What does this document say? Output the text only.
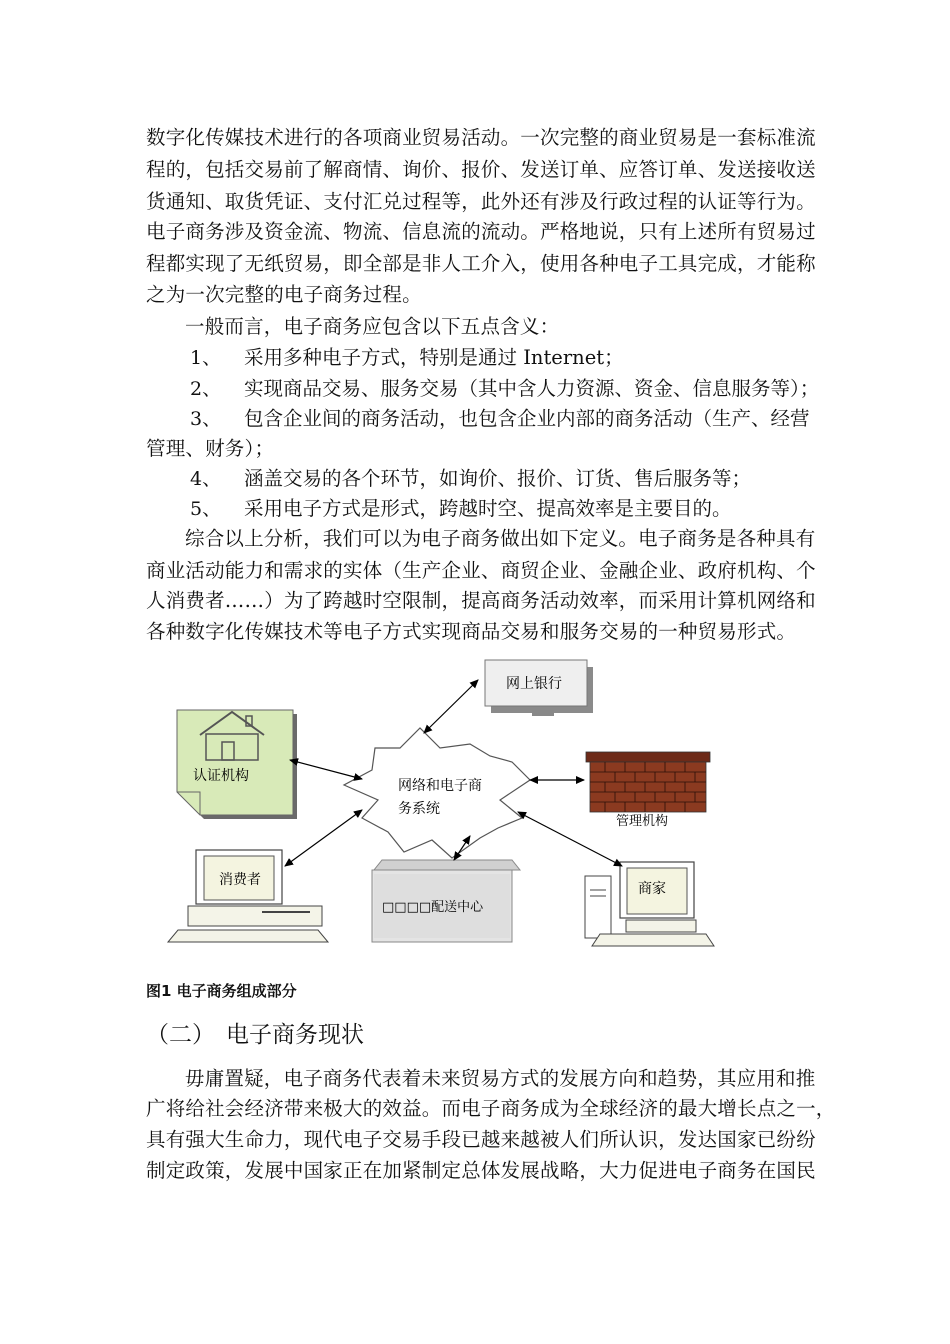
数字化传媒技术进行的各项商业贸易活动。一次完整的商业贸易是一套标准流
程的，包括交易前了解商情、询价、报价、发送订单、应答订单、发送接收送
货通知、取货凭证、支付汇兑过程等，此外还有涉及行政过程的认证等行为。
电子商务涉及资金流、物流、信息流的流动。严格地说，只有上述所有贸易过
程都实现了无纸贸易，即全部是非人工介入，使用各种电子工具完成，才能称
之为一次完整的电子商务过程。
一般而言，电子商务应包含以下五点含义：
1、 采用多种电子方式，特别是通过 Internet；
2、 实现商品交易、服务交易（其中含人力资源、资金、信息服务等）；
3、 包含企业间的商务活动，也包含企业内部的商务活动（生产、经营
管理、财务）；
4、 涵盖交易的各个环节，如询价、报价、订货、售后服务等；
5、 采用电子方式是形式，跨越时空、提高效率是主要目的。
综合以上分析，我们可以为电子商务做出如下定义。电子商务是各种具有
商业活动能力和需求的实体（生产企业、商贸企业、金融企业、政府机构、个
人消费者……）为了跨越时空限制，提高商务活动效率，而采用计算机网络和
各种数字化传媒技术等电子方式实现商品交易和服务交易的一种贸易形式。
网络和电子商
务系统
网上银行
认证机构
管理机构
消费者
□□□□配送中心
商家
图1 电子商务组成部分
（二） 电子商务现状
毋庸置疑，电子商务代表着未来贸易方式的发展方向和趋势，其应用和推
广将给社会经济带来极大的效益。而电子商务成为全球经济的最大增长点之一，
具有强大生命力，现代电子交易手段已越来越被人们所认识，发达国家已纷纷
制定政策，发展中国家正在加紧制定总体发展战略，大力促进电子商务在国民
